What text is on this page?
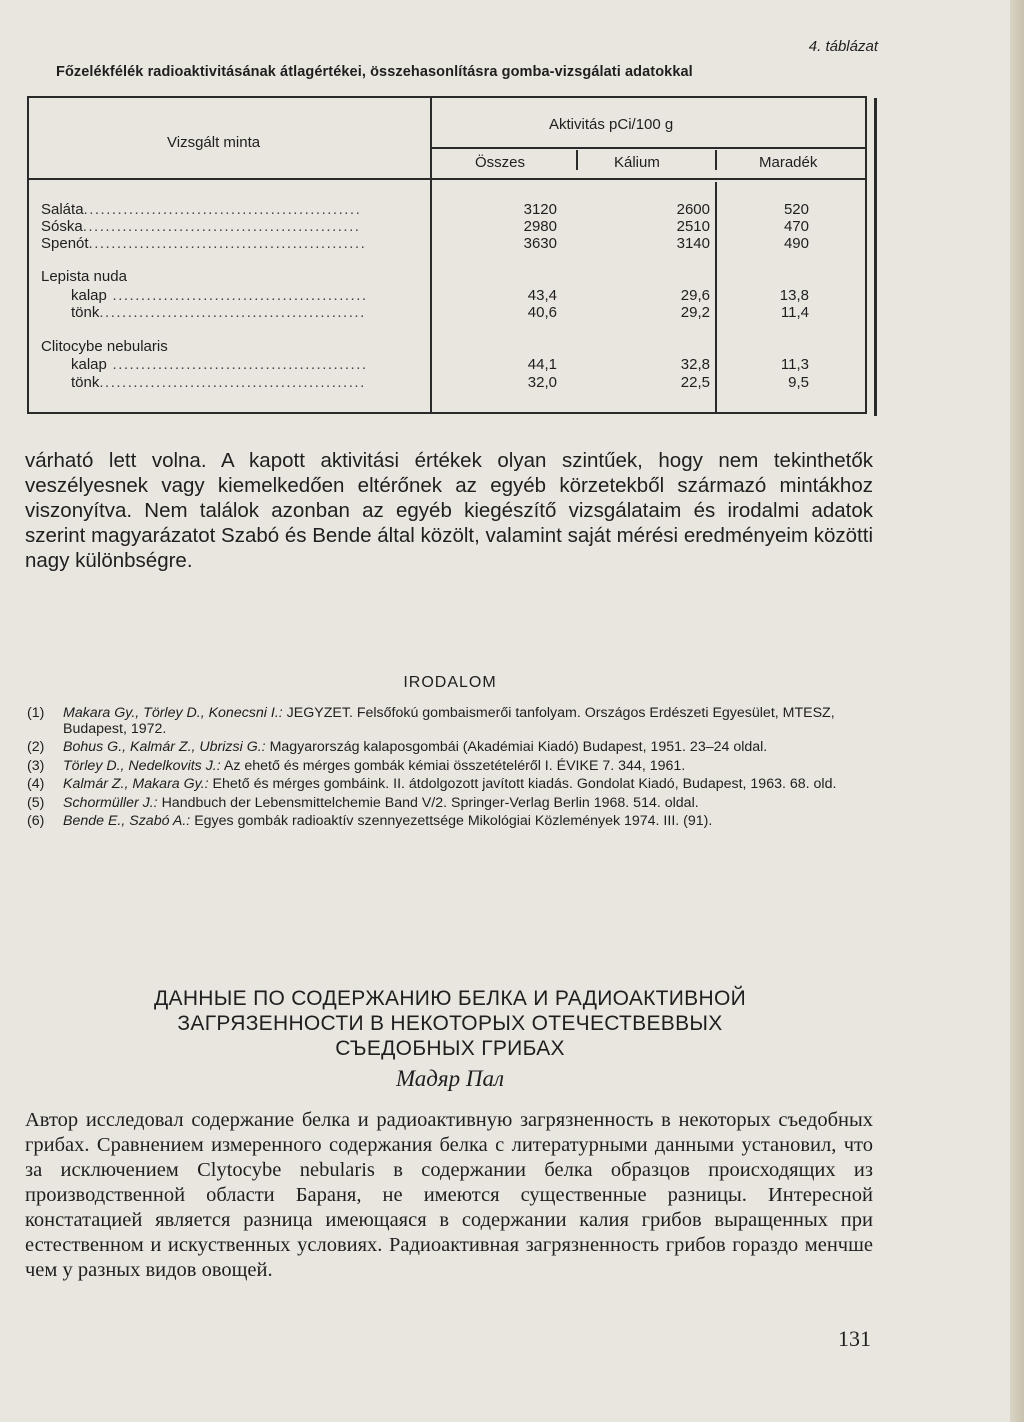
4. táblázat
Főzelékfélék radioaktivitásának átlagértékei, összehasonlításra gomba-vizsgálati adatokkal
Vizsgált minta
Aktivitás pCi/100 g
Összes	Kálium	Maradék
Saláta.................................................	3120	2600	520
Sóska.................................................	2980	2510	470
Spenót.................................................	3630	3140	490
Lepista nuda
kalap .............................................	43,4	29,6	13,8
tönk...............................................	40,6	29,2	11,4
Clitocybe nebularis
kalap .............................................	44,1	32,8	11,3
tönk...............................................	32,0	22,5	9,5

várható lett volna. A kapott aktivitási értékek olyan szintűek, hogy nem tekinthetők veszélyesnek vagy kiemelkedően eltérőnek az egyéb körzetekből származó mintákhoz viszonyítva. Nem találok azonban az egyéb kiegészítő vizsgálataim és irodalmi adatok szerint magyarázatot Szabó és Bende által közölt, valamint saját mérési eredményeim közötti nagy különbségre.

IRODALOM
(1) Makara Gy., Törley D., Konecsni I.: JEGYZET. Felsőfokú gombaismerői tanfolyam. Országos Erdészeti Egyesület, MTESZ, Budapest, 1972.
(2) Bohus G., Kalmár Z., Ubrizsi G.: Magyarország kalaposgombái (Akadémiai Kiadó) Budapest, 1951. 23–24 oldal.
(3) Törley D., Nedelkovits J.: Az ehető és mérges gombák kémiai összetételéről I. ÉVIKE 7. 344, 1961.
(4) Kalmár Z., Makara Gy.: Ehető és mérges gombáink. II. átdolgozott javított kiadás. Gondolat Kiadó, Budapest, 1963. 68. old.
(5) Schormüller J.: Handbuch der Lebensmittelchemie Band V/2. Springer-Verlag Berlin 1968. 514. oldal.
(6) Bende E., Szabó A.: Egyes gombák radioaktív szennyezettsége Mikológiai Közlemények 1974. III. (91).
ДАННЫЕ ПО СОДЕРЖАНИЮ БЕЛКА И РАДИОАКТИВНОЙ
ЗАГРЯЗЕННОСТИ В НЕКОТОРЫХ ОТЕЧЕСТВЕВВЫХ
СЪЕДОБНЫХ ГРИБАХ
Мадяр Пал
Автор исследовал содержание белка и радиоактивную загрязненность в некоторых съедобных грибах. Сравнением измеренного содержания белка с литературными данными установил, что за исключением Clytocybe nebularis в содержании белка образцов происходящих из производственной области Бараня, не имеются существенные разницы. Интересной констатацией является разница имеющаяся в содержании калия грибов выращенных при естественном и искуственных условиях. Радиоактивная загрязненность грибов гораздо менчше чем у разных видов овощей.
131
